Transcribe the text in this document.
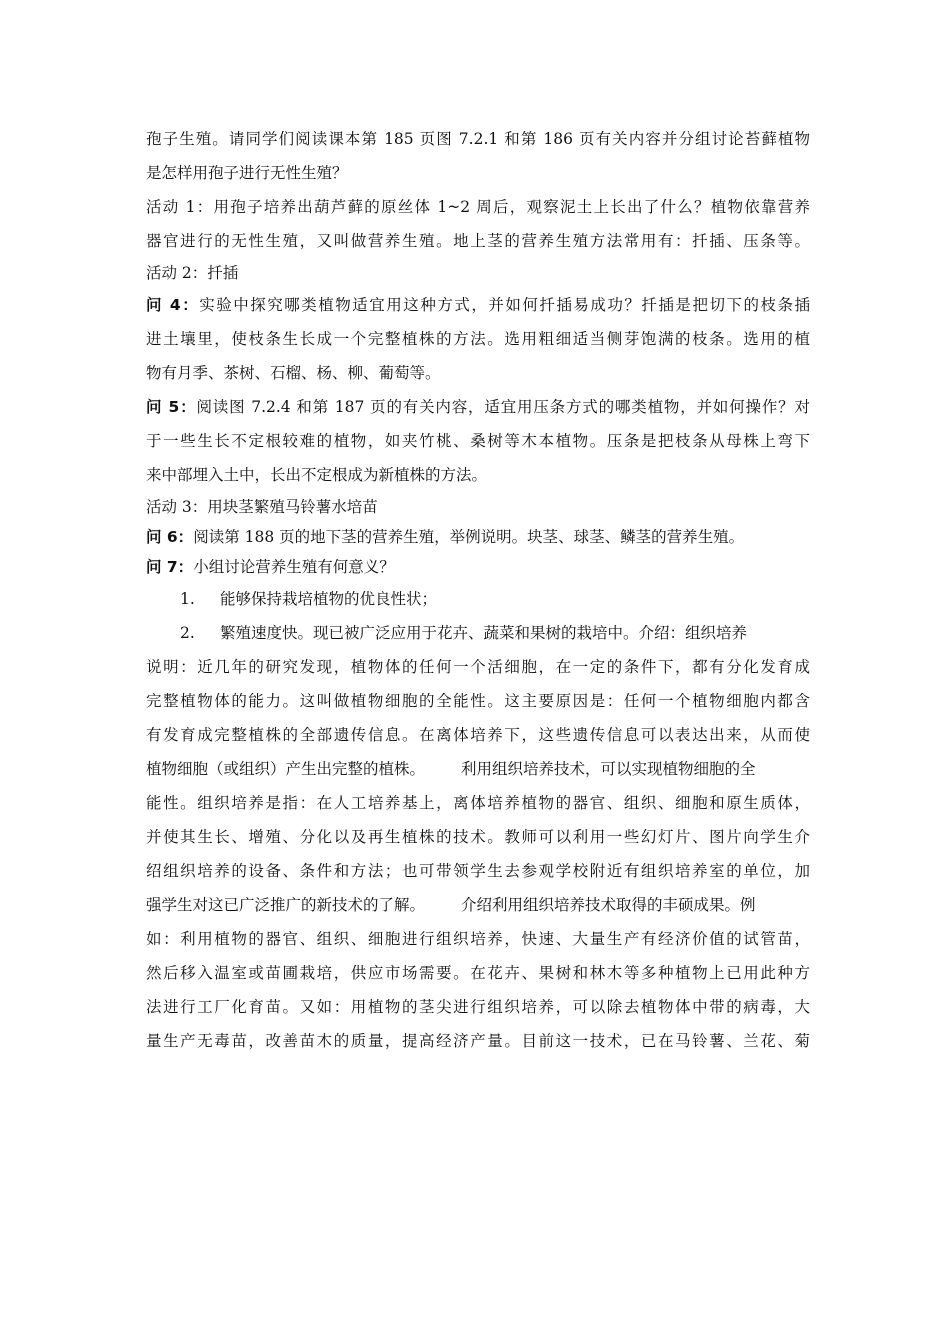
孢子生殖。请同学们阅读课本第 185 页图 7.2.1 和第 186 页有关内容并分组讨论苔藓植物
是怎样用孢子进行无性生殖？
活动 1：用孢子培养出葫芦藓的原丝体 1~2 周后，观察泥土上长出了什么？植物依靠营养
器官进行的无性生殖，又叫做营养生殖。地上茎的营养生殖方法常用有：扦插、压条等。
活动 2：扦插
问 4：实验中探究哪类植物适宜用这种方式，并如何扦插易成功？扦插是把切下的枝条插
进土壤里，使枝条生长成一个完整植株的方法。选用粗细适当侧芽饱满的枝条。选用的植
物有月季、茶树、石榴、杨、柳、葡萄等。
问 5：阅读图 7.2.4 和第 187 页的有关内容，适宜用压条方式的哪类植物，并如何操作？对
于一些生长不定根较难的植物，如夹竹桃、桑树等木本植物。压条是把枝条从母株上弯下
来中部埋入土中，长出不定根成为新植株的方法。
活动 3：用块茎繁殖马铃薯水培苗
问 6：阅读第 188 页的地下茎的营养生殖，举例说明。块茎、球茎、鳞茎的营养生殖。
问 7：小组讨论营养生殖有何意义？
1. 能够保持栽培植物的优良性状；
2. 繁殖速度快。现已被广泛应用于花卉、蔬菜和果树的栽培中。介绍：组织培养
说明：近几年的研究发现，植物体的任何一个活细胞，在一定的条件下，都有分化发育成
完整植物体的能力。这叫做植物细胞的全能性。这主要原因是：任何一个植物细胞内都含
有发育成完整植株的全部遗传信息。在离体培养下，这些遗传信息可以表达出来，从而使
植物细胞（或组织）产生出完整的植株。 利用组织培养技术，可以实现植物细胞的全
能性。组织培养是指：在人工培养基上，离体培养植物的器官、组织、细胞和原生质体，
并使其生长、增殖、分化以及再生植株的技术。教师可以利用一些幻灯片、图片向学生介
绍组织培养的设备、条件和方法；也可带领学生去参观学校附近有组织培养室的单位，加
强学生对这已广泛推广的新技术的了解。 介绍利用组织培养技术取得的丰硕成果。例
如：利用植物的器官、组织、细胞进行组织培养，快速、大量生产有经济价值的试管苗，
然后移入温室或苗圃栽培，供应市场需要。在花卉、果树和林木等多种植物上已用此种方
法进行工厂化育苗。又如：用植物的茎尖进行组织培养，可以除去植物体中带的病毒，大
量生产无毒苗，改善苗木的质量，提高经济产量。目前这一技术，已在马铃薯、兰花、菊
